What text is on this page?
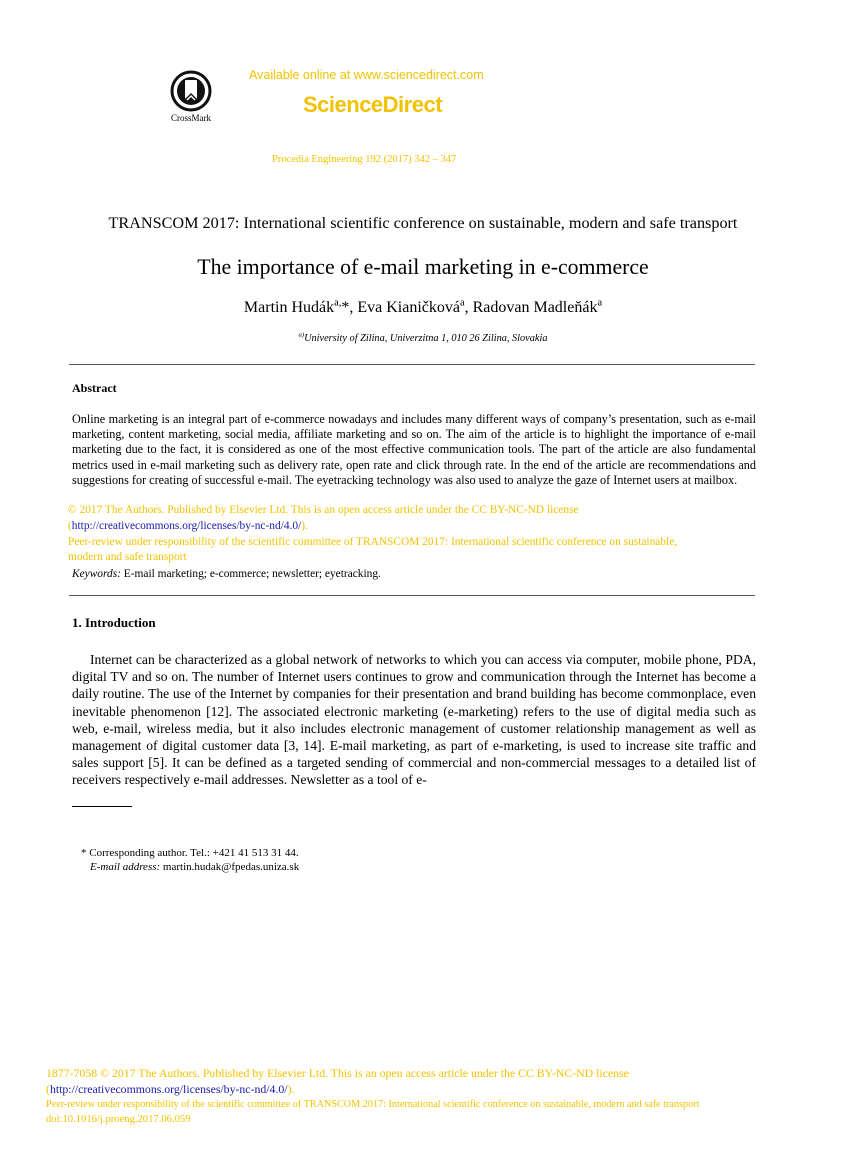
CrossMark
Available online at www.sciencedirect.com
ScienceDirect
Procedia Engineering 192 (2017) 342 – 347
TRANSCOM 2017: International scientific conference on sustainable, modern and safe transport
The importance of e-mail marketing in e-commerce
Martin Hudák$^{a,}$*, Eva Kianičková$^a$, Radovan Madleňák$^a$
$^{a)}$University of Zilina, Univerzitna 1, 010 26 Zilina, Slovakia
Abstract
Online marketing is an integral part of e-commerce nowadays and includes many different ways of company’s presentation, such as e-mail marketing, content marketing, social media, affiliate marketing and so on. The aim of the article is to highlight the importance of e-mail marketing due to the fact, it is considered as one of the most effective communication tools. The part of the article are also fundamental metrics used in e-mail marketing such as delivery rate, open rate and click through rate. In the end of the article are recommendations and suggestions for creating of successful e-mail. The eyetracking technology was also used to analyze the gaze of Internet users at mailbox.
© 2017 The Authors. Published by Elsevier Ltd. This is an open access article under the CC BY-NC-ND license
(http://creativecommons.org/licenses/by-nc-nd/4.0/).
Peer-review under responsibility of the scientific committee of TRANSCOM 2017: International scientific conference on sustainable,
modern and safe transport
Keywords: E-mail marketing; e-commerce; newsletter; eyetracking.
1. Introduction
Internet can be characterized as a global network of networks to which you can access via computer, mobile phone, PDA, digital TV and so on. The number of Internet users continues to grow and communication through the Internet has become a daily routine. The use of the Internet by companies for their presentation and brand building has become commonplace, even inevitable phenomenon [12]. The associated electronic marketing (e-marketing) refers to the use of digital media such as web, e-mail, wireless media, but it also includes electronic management of customer relationship management as well as management of digital customer data [3, 14]. E-mail marketing, as part of e-marketing, is used to increase site traffic and sales support [5]. It can be defined as a targeted sending of commercial and non-commercial messages to a detailed list of receivers respectively e-mail addresses. Newsletter as a tool of e-
* Corresponding author. Tel.: +421 41 513 31 44.
E-mail address: martin.hudak@fpedas.uniza.sk
1877-7058 © 2017 The Authors. Published by Elsevier Ltd. This is an open access article under the CC BY-NC-ND license
(http://creativecommons.org/licenses/by-nc-nd/4.0/).
Peer-review under responsibility of the scientific committee of TRANSCOM 2017: International scientific conference on sustainable, modern and safe transport
doi:10.1016/j.proeng.2017.06.059
